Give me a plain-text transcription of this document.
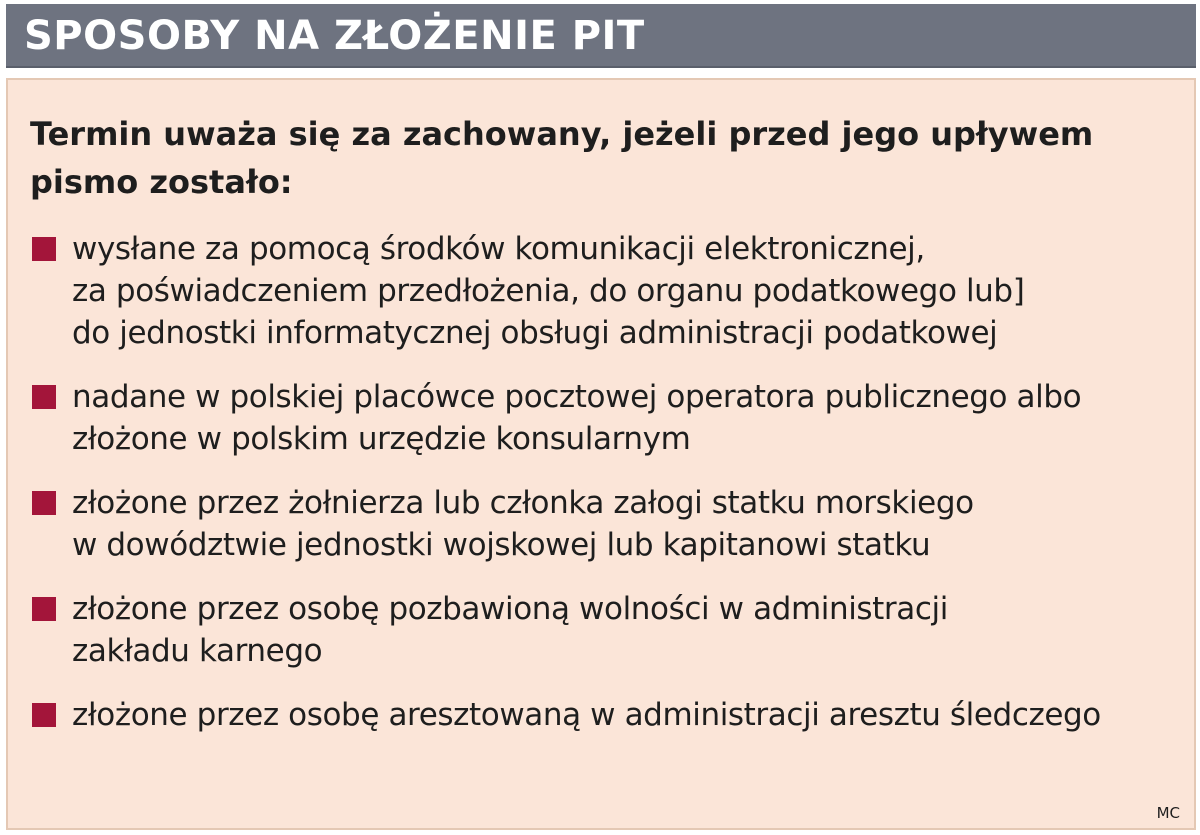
SPOSOBY NA ZŁOŻENIE PIT
Termin uważa się za zachowany, jeżeli przed jego upływem pismo zostało:
wysłane za pomocą środków komunikacji elektronicznej,
za poświadczeniem przedłożenia, do organu podatkowego lub]
do jednostki informatycznej obsługi administracji podatkowej
nadane w polskiej placówce pocztowej operatora publicznego albo
złożone w polskim urzędzie konsularnym
złożone przez żołnierza lub członka załogi statku morskiego
w dowództwie jednostki wojskowej lub kapitanowi statku
złożone przez osobę pozbawioną wolności w administracji
zakładu karnego
złożone przez osobę aresztowaną w administracji aresztu śledczego
MC
